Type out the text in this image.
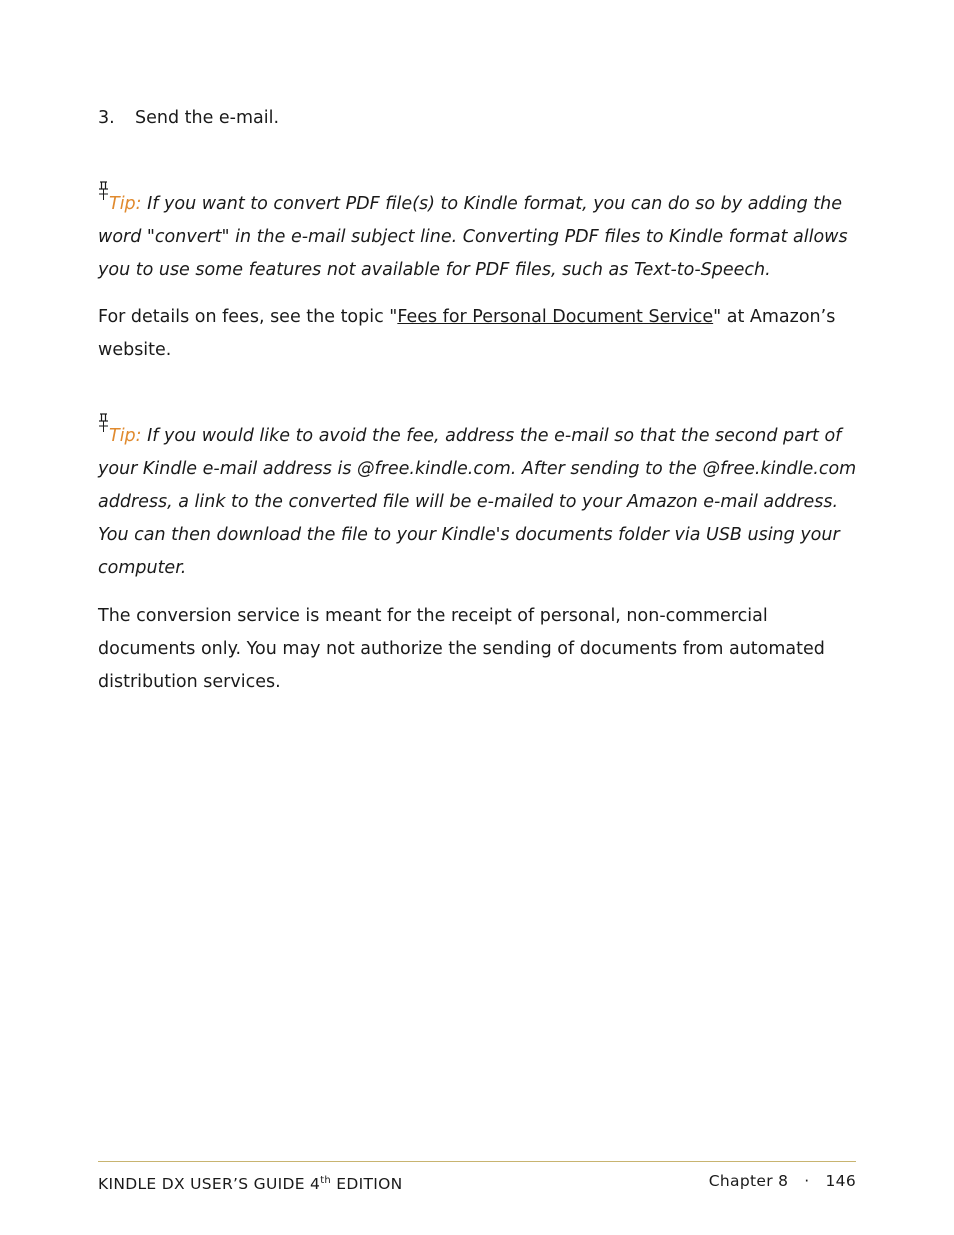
3. Send the e-mail.
Tip: If you want to convert PDF file(s) to Kindle format, you can do so by adding the
word "convert" in the e-mail subject line. Converting PDF files to Kindle format allows
you to use some features not available for PDF files, such as Text-to-Speech.
For details on fees, see the topic "Fees for Personal Document Service" at Amazon’s
website.
Tip: If you would like to avoid the fee, address the e-mail so that the second part of
your Kindle e-mail address is @free.kindle.com. After sending to the @free.kindle.com
address, a link to the converted file will be e-mailed to your Amazon e-mail address.
You can then download the file to your Kindle's documents folder via USB using your
computer.
The conversion service is meant for the receipt of personal, non-commercial
documents only. You may not authorize the sending of documents from automated
distribution services.
KINDLE DX USER’S GUIDE 4th EDITION	Chapter 8 · 146
